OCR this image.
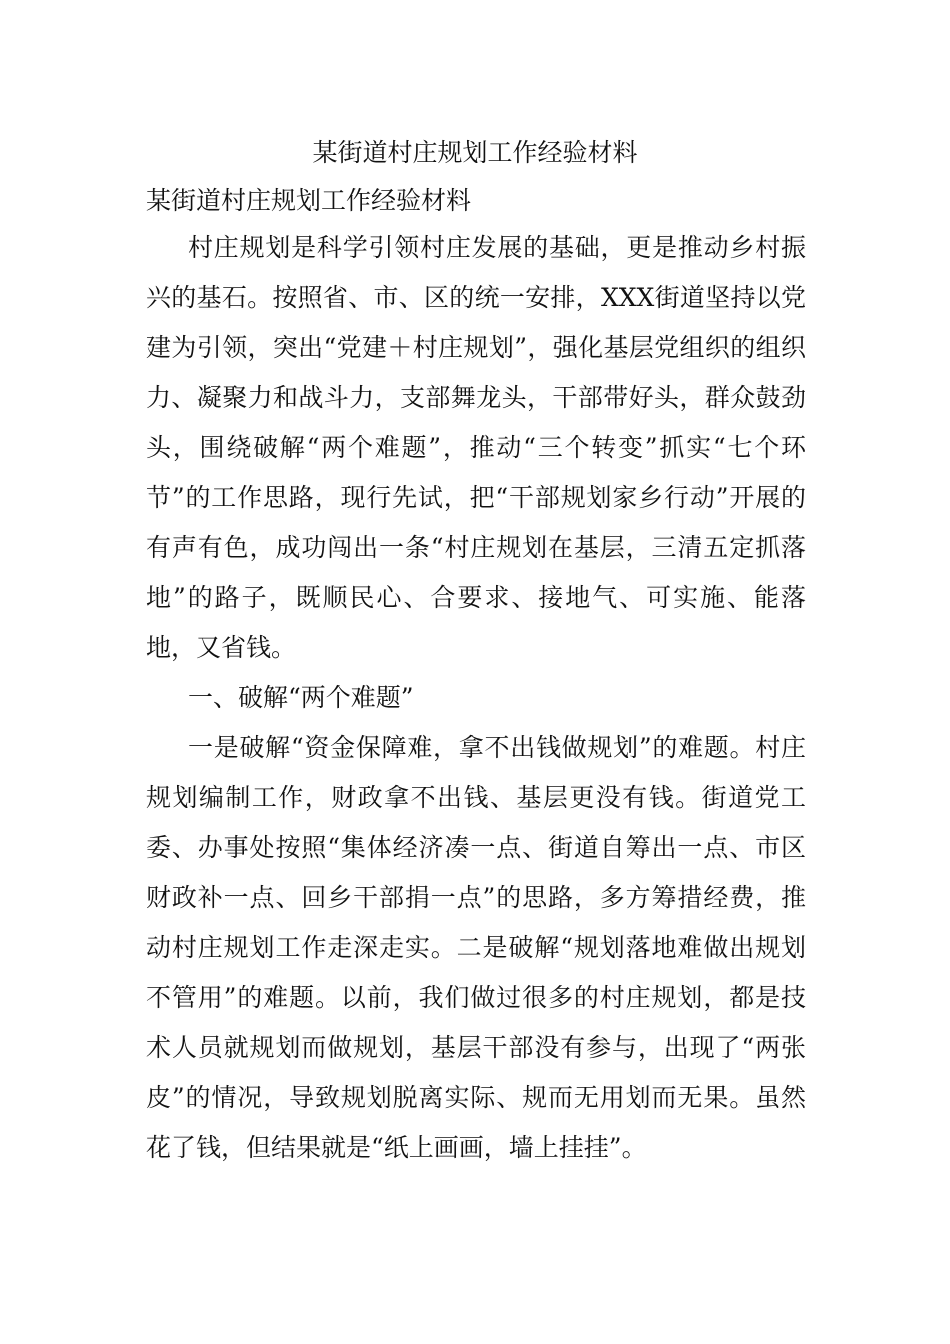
某街道村庄规划工作经验材料
某街道村庄规划工作经验材料

村庄规划是科学引领村庄发展的基础，更是推动乡村振兴的基石。按照省、市、区的统一安排，XXX街道坚持以党建为引领，突出“党建＋村庄规划”，强化基层党组织的组织力、凝聚力和战斗力，支部舞龙头，干部带好头，群众鼓劲头，围绕破解“两个难题”，推动“三个转变”抓实“七个环节”的工作思路，现行先试，把“干部规划家乡行动”开展的有声有色，成功闯出一条“村庄规划在基层，三清五定抓落地”的路子，既顺民心、合要求、接地气、可实施、能落地，又省钱。

一、破解“两个难题”

一是破解“资金保障难，拿不出钱做规划”的难题。村庄规划编制工作，财政拿不出钱、基层更没有钱。街道党工委、办事处按照“集体经济凑一点、街道自筹出一点、市区财政补一点、回乡干部捐一点”的思路，多方筹措经费，推动村庄规划工作走深走实。二是破解“规划落地难做出规划不管用”的难题。以前，我们做过很多的村庄规划，都是技术人员就规划而做规划，基层干部没有参与，出现了“两张皮”的情况，导致规划脱离实际、规而无用划而无果。虽然花了钱，但结果就是“纸上画画，墙上挂挂”。
